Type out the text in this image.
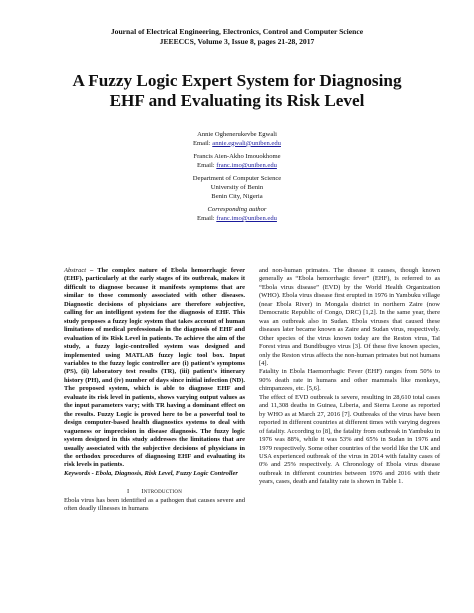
Journal of Electrical Engineering, Electronics, Control and Computer Science
JEEECCS, Volume 3, Issue 8, pages 21-28, 2017
A Fuzzy Logic Expert System for Diagnosing
EHF and Evaluating its Risk Level
Annie Oghenerukevbe Egwali
Email: annie.egwali@uniben.edu
Francis Aien-Akho Imouokhome
Email: franc.imo@uniben.edu
Department of Computer Science
University of Benin
Benin City, Nigeria
Corresponding author
Email: franc.imo@uniben.edu

Abstract – The complex nature of Ebola hemorrhagic fever (EHF), particularly at the early stages of its outbreak, makes it difficult to diagnose because it manifests symptoms that are similar to those commonly associated with other diseases. Diagnostic decisions of physicians are therefore subjective, calling for an intelligent system for the diagnosis of EHF. This study proposes a fuzzy logic system that takes account of human limitations of medical professionals in the diagnosis of EHF and evaluation of its Risk Level in patients. To achieve the aim of the study, a fuzzy logic-controlled system was designed and implemented using MATLAB fuzzy logic tool box. Input variables to the fuzzy logic controller are (i) patient's symptoms (PS), (ii) laboratory test results (TR), (iii) patient's itinerary history (PH), and (iv) number of days since initial infection (ND). The proposed system, which is able to diagnose EHF and evaluate its risk level in patients, shows varying output values as the input parameters vary; with TR having a dominant effect on the results. Fuzzy Logic is proved here to be a powerful tool to design computer-based health diagnostics systems to deal with vagueness or imprecision in disease diagnosis. The fuzzy logic system designed in this study addresses the limitations that are usually associated with the subjective decisions of physicians in the orthodox procedures of diagnosing EHF and evaluating its risk levels in patients.

Keywords - Ebola, Diagnosis, Risk Level, Fuzzy Logic Controller

I Introduction

Ebola virus has been identified as a pathogen that causes severe and often deadly illnesses in humans

and non-human primates. The disease it causes, though known generally as “Ebola hemorrhagic fever” (EHF), is referred to as “Ebola virus disease” (EVD) by the World Health Organization (WHO). Ebola virus disease first erupted in 1976 in Yambuku village (near Ebola River) in Mongala district in northern Zaire (now Democratic Republic of Congo, DRC) [1,2]. In the same year, there was an outbreak also in Sudan. Ebola viruses that caused these diseases later became known as Zaire and Sudan virus, respectively. Other species of the virus known today are the Reston virus, Taï Forest virus and Bundibugyo virus [3]. Of these five known species, only the Reston virus affects the non-human primates but not humans [4].

Fatality in Ebola Haemorrhagic Fever (EHF) ranges from 50% to 90% death rate in humans and other mammals like monkeys, chimpanzees, etc. [5,6].

The effect of EVD outbreak is severe, resulting in 28,610 total cases and 11,308 deaths in Guinea, Liberia, and Sierra Leone as reported by WHO as at March 27, 2016 [7]. Outbreaks of the virus have been reported in different countries at different times with varying degrees of fatality. According to [8], the fatality from outbreak in Yambuku in 1976 was 88%, while it was 53% and 65% in Sudan in 1976 and 1979 respectively. Some other countries of the world like the UK and USA experienced outbreak of the virus in 2014 with fatality cases of 0% and 25% respectively. A Chronology of Ebola virus disease outbreak in different countries between 1976 and 2016 with their years, cases, death and fatality rate is shown in Table 1.
